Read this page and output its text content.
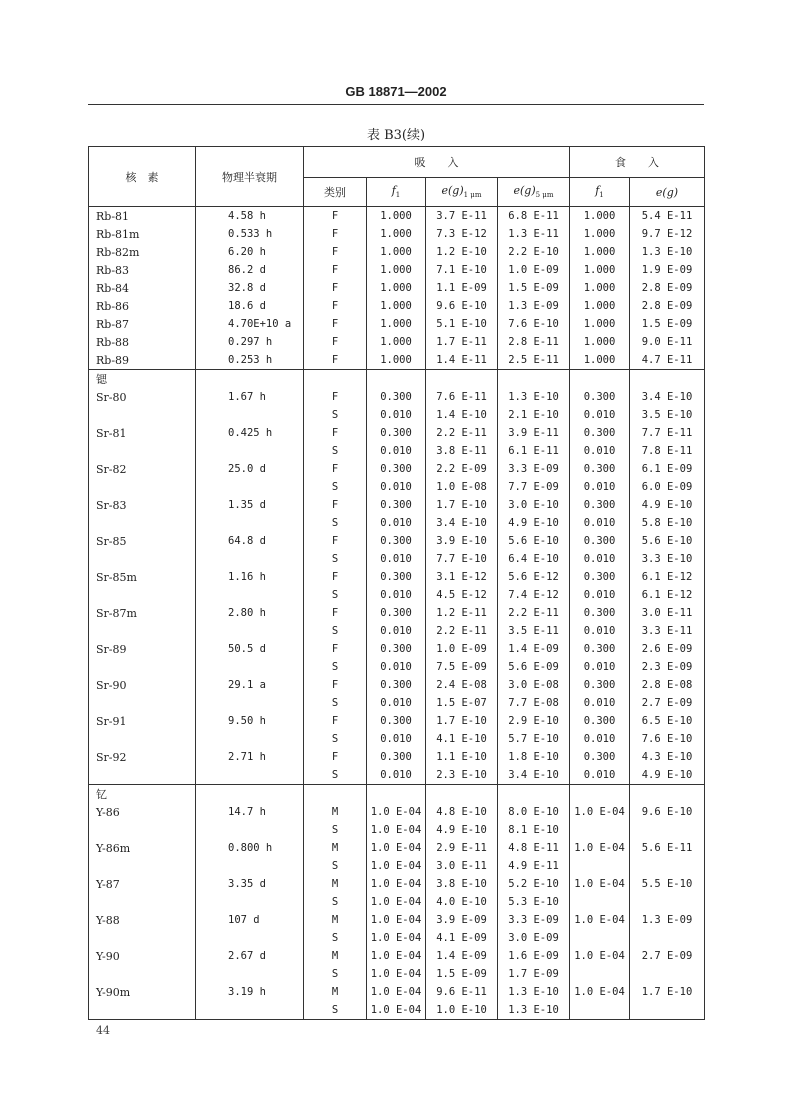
GB 18871—2002
表 B3(续)
核　素	物理半衰期	吸　　入				食　　入	
		类别	$f_1$	$e(g)_{1 \mu m}$	$e(g)_{5 \mu m}$	$f_1$	e(g)
Rb-81	4.58 h	F	1.000	3.7 E-11	6.8 E-11	1.000	5.4 E-11
Rb-81m	0.533 h	F	1.000	7.3 E-12	1.3 E-11	1.000	9.7 E-12
Rb-82m	6.20 h	F	1.000	1.2 E-10	2.2 E-10	1.000	1.3 E-10
Rb-83	86.2 d	F	1.000	7.1 E-10	1.0 E-09	1.000	1.9 E-09
Rb-84	32.8 d	F	1.000	1.1 E-09	1.5 E-09	1.000	2.8 E-09
Rb-86	18.6 d	F	1.000	9.6 E-10	1.3 E-09	1.000	2.8 E-09
Rb-87	4.70E+10 a	F	1.000	5.1 E-10	7.6 E-10	1.000	1.5 E-09
Rb-88	0.297 h	F	1.000	1.7 E-11	2.8 E-11	1.000	9.0 E-11
Rb-89	0.253 h	F	1.000	1.4 E-11	2.5 E-11	1.000	4.7 E-11
锶							
Sr-80	1.67 h	F	0.300	7.6 E-11	1.3 E-10	0.300	3.4 E-10
		S	0.010	1.4 E-10	2.1 E-10	0.010	3.5 E-10
Sr-81	0.425 h	F	0.300	2.2 E-11	3.9 E-11	0.300	7.7 E-11
		S	0.010	3.8 E-11	6.1 E-11	0.010	7.8 E-11
Sr-82	25.0 d	F	0.300	2.2 E-09	3.3 E-09	0.300	6.1 E-09
		S	0.010	1.0 E-08	7.7 E-09	0.010	6.0 E-09
Sr-83	1.35 d	F	0.300	1.7 E-10	3.0 E-10	0.300	4.9 E-10
		S	0.010	3.4 E-10	4.9 E-10	0.010	5.8 E-10
Sr-85	64.8 d	F	0.300	3.9 E-10	5.6 E-10	0.300	5.6 E-10
		S	0.010	7.7 E-10	6.4 E-10	0.010	3.3 E-10
Sr-85m	1.16 h	F	0.300	3.1 E-12	5.6 E-12	0.300	6.1 E-12
		S	0.010	4.5 E-12	7.4 E-12	0.010	6.1 E-12
Sr-87m	2.80 h	F	0.300	1.2 E-11	2.2 E-11	0.300	3.0 E-11
		S	0.010	2.2 E-11	3.5 E-11	0.010	3.3 E-11
Sr-89	50.5 d	F	0.300	1.0 E-09	1.4 E-09	0.300	2.6 E-09
		S	0.010	7.5 E-09	5.6 E-09	0.010	2.3 E-09
Sr-90	29.1 a	F	0.300	2.4 E-08	3.0 E-08	0.300	2.8 E-08
		S	0.010	1.5 E-07	7.7 E-08	0.010	2.7 E-09
Sr-91	9.50 h	F	0.300	1.7 E-10	2.9 E-10	0.300	6.5 E-10
		S	0.010	4.1 E-10	5.7 E-10	0.010	7.6 E-10
Sr-92	2.71 h	F	0.300	1.1 E-10	1.8 E-10	0.300	4.3 E-10
		S	0.010	2.3 E-10	3.4 E-10	0.010	4.9 E-10
钇							
Y-86	14.7 h	M	1.0 E-04	4.8 E-10	8.0 E-10	1.0 E-04	9.6 E-10
		S	1.0 E-04	4.9 E-10	8.1 E-10		
Y-86m	0.800 h	M	1.0 E-04	2.9 E-11	4.8 E-11	1.0 E-04	5.6 E-11
		S	1.0 E-04	3.0 E-11	4.9 E-11		
Y-87	3.35 d	M	1.0 E-04	3.8 E-10	5.2 E-10	1.0 E-04	5.5 E-10
		S	1.0 E-04	4.0 E-10	5.3 E-10		
Y-88	107 d	M	1.0 E-04	3.9 E-09	3.3 E-09	1.0 E-04	1.3 E-09
		S	1.0 E-04	4.1 E-09	3.0 E-09		
Y-90	2.67 d	M	1.0 E-04	1.4 E-09	1.6 E-09	1.0 E-04	2.7 E-09
		S	1.0 E-04	1.5 E-09	1.7 E-09		
Y-90m	3.19 h	M	1.0 E-04	9.6 E-11	1.3 E-10	1.0 E-04	1.7 E-10
		S	1.0 E-04	1.0 E-10	1.3 E-10		
44
